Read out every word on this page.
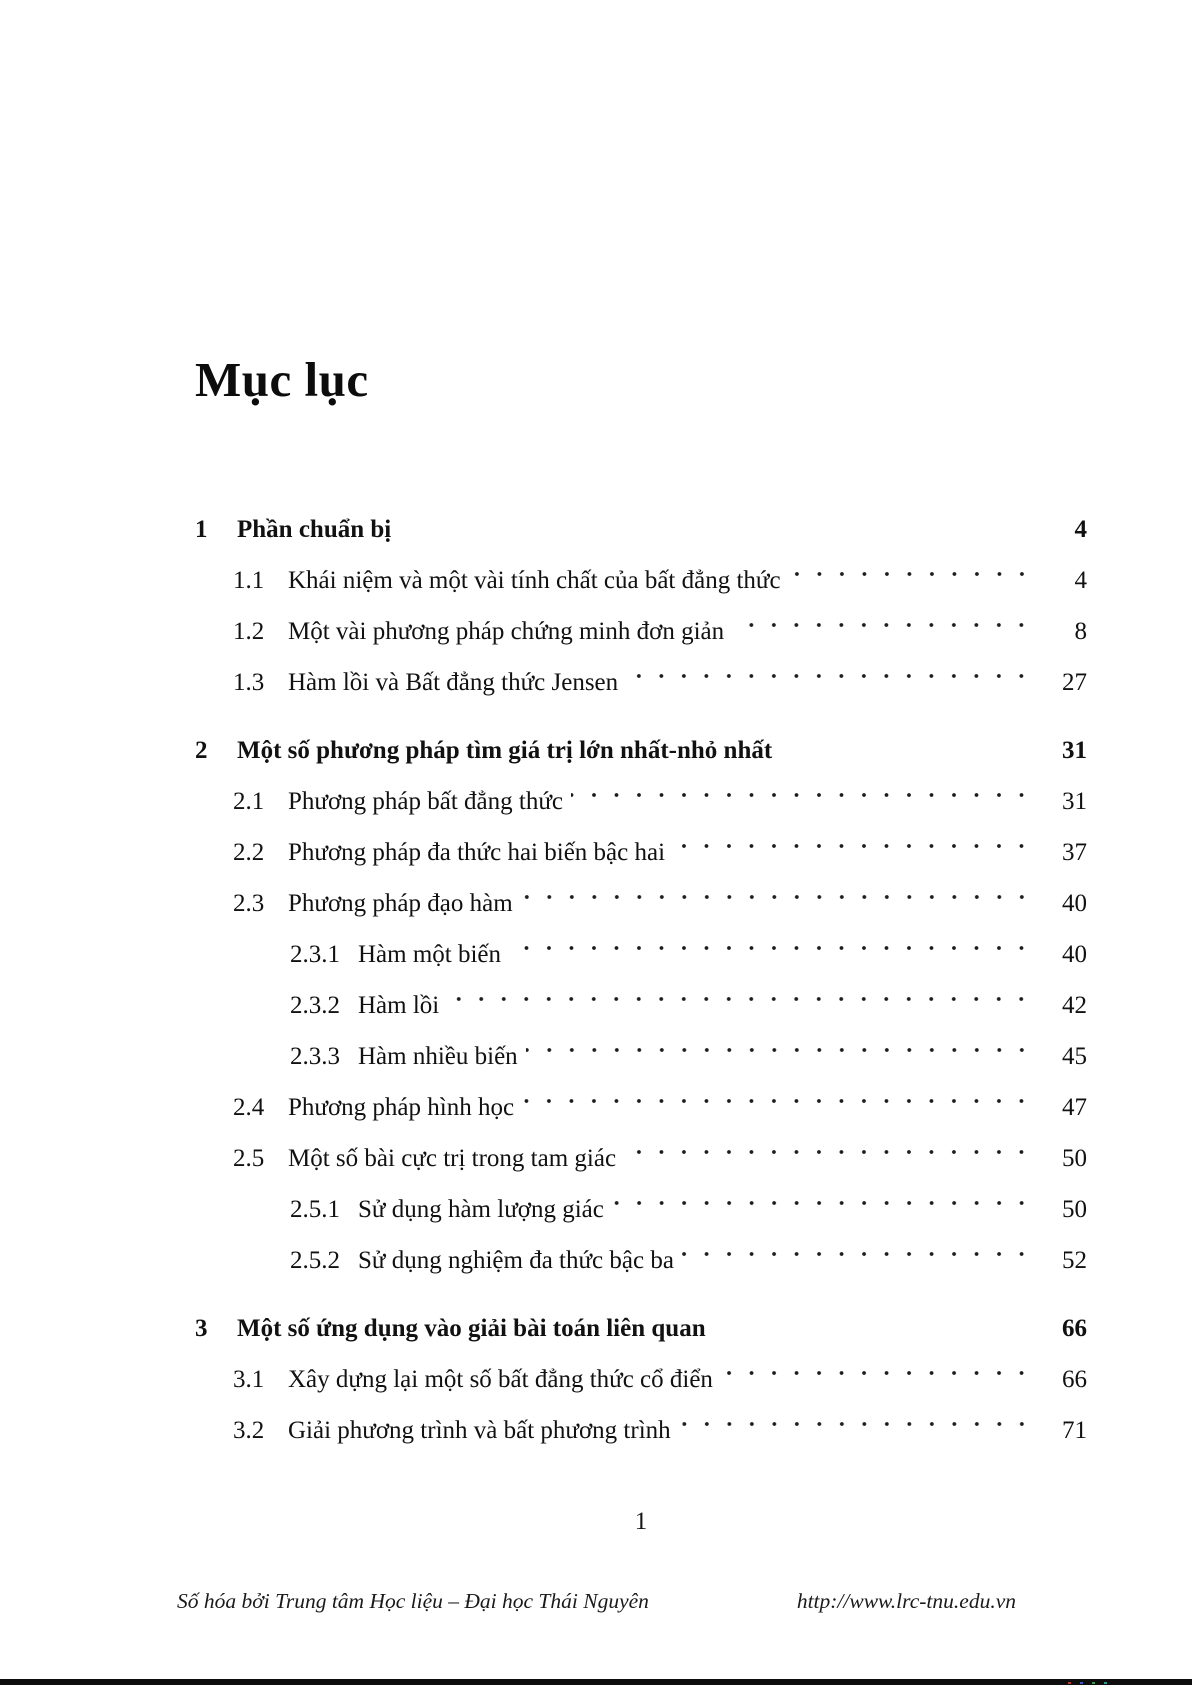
Mục lục
1	Phần chuẩn bị	4
1.1 Khái niệm và một vài tính chất của bất đẳng thức	4
1.2 Một vài phương pháp chứng minh đơn giản	8
1.3 Hàm lồi và Bất đẳng thức Jensen	27
2	Một số phương pháp tìm giá trị lớn nhất-nhỏ nhất	31
2.1 Phương pháp bất đẳng thức	31
2.2 Phương pháp đa thức hai biến bậc hai	37
2.3 Phương pháp đạo hàm	40
2.3.1 Hàm một biến	40
2.3.2 Hàm lồi	42
2.3.3 Hàm nhiều biến	45
2.4 Phương pháp hình học	47
2.5 Một số bài cực trị trong tam giác	50
2.5.1 Sử dụng hàm lượng giác	50
2.5.2 Sử dụng nghiệm đa thức bậc ba	52
3	Một số ứng dụng vào giải bài toán liên quan	66
3.1 Xây dựng lại một số bất đẳng thức cổ điển	66
3.2 Giải phương trình và bất phương trình	71
1
Số hóa bởi Trung tâm Học liệu – Đại học Thái Nguyên	http://www.lrc-tnu.edu.vn
